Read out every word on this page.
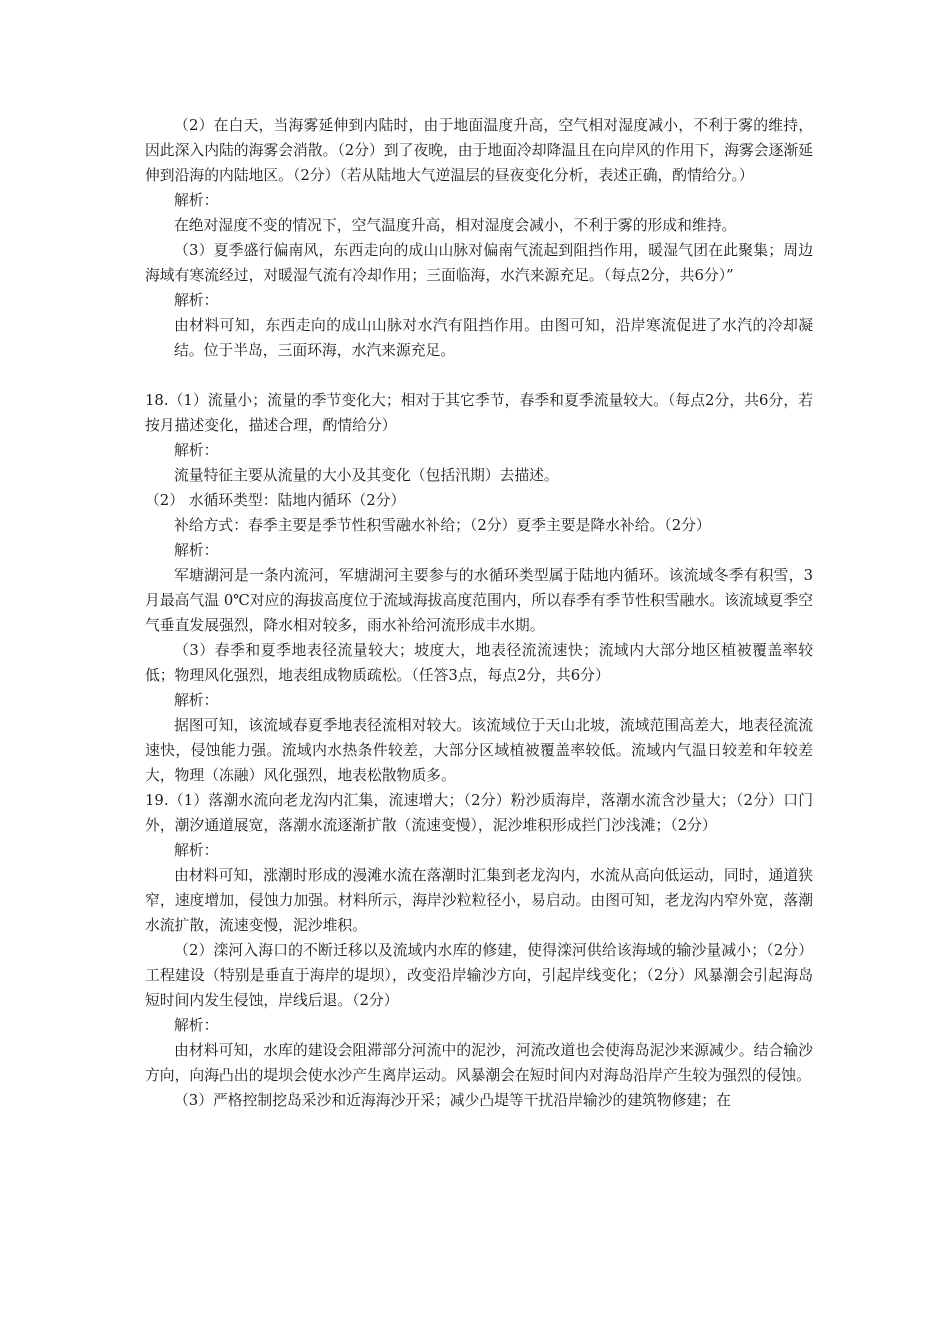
（2）在白天，当海雾延伸到内陆时，由于地面温度升高，空气相对湿度减小，不利于雾的维持，因此深入内陆的海雾会消散。（2分）到了夜晚，由于地面冷却降温且在向岸风的作用下，海雾会逐渐延伸到沿海的内陆地区。（2分）（若从陆地大气逆温层的昼夜变化分析，表述正确，酌情给分。）

解析：

在绝对湿度不变的情况下，空气温度升高，相对湿度会减小，不利于雾的形成和维持。

（3）夏季盛行偏南风，东西走向的成山山脉对偏南气流起到阻挡作用，暖湿气团在此聚集；周边海域有寒流经过，对暖湿气流有冷却作用；三面临海，水汽来源充足。（每点2分，共6分）”

解析：

由材料可知，东西走向的成山山脉对水汽有阻挡作用。由图可知，沿岸寒流促进了水汽的冷却凝结。位于半岛，三面环海，水汽来源充足。

18.（1）流量小；流量的季节变化大；相对于其它季节，春季和夏季流量较大。（每点2分，共6分，若按月描述变化，描述合理，酌情给分）

解析：

流量特征主要从流量的大小及其变化（包括汛期）去描述。

（2） 水循环类型：陆地内循环（2分）

补给方式：春季主要是季节性积雪融水补给；（2分）夏季主要是降水补给。（2分）

解析：

军塘湖河是一条内流河，军塘湖河主要参与的水循环类型属于陆地内循环。该流域冬季有积雪，3月最高气温 0℃对应的海拔高度位于流域海拔高度范围内，所以春季有季节性积雪融水。该流域夏季空气垂直发展强烈，降水相对较多，雨水补给河流形成丰水期。

（3）春季和夏季地表径流量较大；坡度大，地表径流流速快；流域内大部分地区植被覆盖率较低；物理风化强烈，地表组成物质疏松。（任答3点，每点2分，共6分）

解析：

据图可知，该流域春夏季地表径流相对较大。该流域位于天山北坡，流域范围高差大，地表径流流速快，侵蚀能力强。流域内水热条件较差，大部分区域植被覆盖率较低。流域内气温日较差和年较差大，物理（冻融）风化强烈，地表松散物质多。

19.（1）落潮水流向老龙沟内汇集，流速增大；（2分）粉沙质海岸，落潮水流含沙量大；（2分）口门外，潮汐通道展宽，落潮水流逐渐扩散（流速变慢），泥沙堆积形成拦门沙浅滩；（2分）

解析：

由材料可知，涨潮时形成的漫滩水流在落潮时汇集到老龙沟内，水流从高向低运动，同时，通道狭窄，速度增加，侵蚀力加强。材料所示，海岸沙粒粒径小，易启动。由图可知，老龙沟内窄外宽，落潮水流扩散，流速变慢，泥沙堆积。

（2）滦河入海口的不断迁移以及流域内水库的修建，使得滦河供给该海域的输沙量减小；（2分）工程建设（特别是垂直于海岸的堤坝），改变沿岸输沙方向，引起岸线变化；（2分）风暴潮会引起海岛短时间内发生侵蚀，岸线后退。（2分）

解析：

由材料可知，水库的建设会阻滞部分河流中的泥沙，河流改道也会使海岛泥沙来源减少。结合输沙方向，向海凸出的堤坝会使水沙产生离岸运动。风暴潮会在短时间内对海岛沿岸产生较为强烈的侵蚀。

（3）严格控制挖岛采沙和近海海沙开采；减少凸堤等干扰沿岸输沙的建筑物修建；在
